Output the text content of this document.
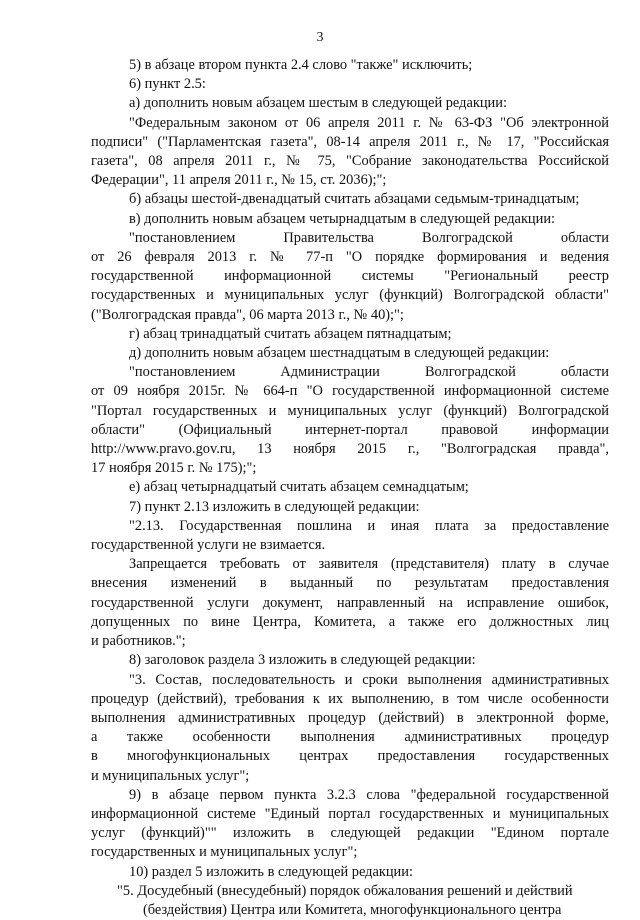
3
5) в абзаце втором пункта 2.4 слово "также" исключить;
6) пункт 2.5:
а) дополнить новым абзацем шестым в следующей редакции:
"Федеральным законом от 06 апреля 2011 г. № 63-ФЗ "Об электронной
подписи" ("Парламентская газета", 08-14 апреля 2011 г., № 17, "Российская
газета", 08 апреля 2011 г., № 75, "Собрание законодательства Российской
Федерации", 11 апреля 2011 г., № 15, ст. 2036);";
б) абзацы шестой-двенадцатый считать абзацами седьмым-тринадцатым;
в) дополнить новым абзацем четырнадцатым в следующей редакции:
"постановлением Правительства Волгоградской области
от 26 февраля 2013 г. № 77-п "О порядке формирования и ведения
государственной информационной системы "Региональный реестр
государственных и муниципальных услуг (функций) Волгоградской области"
("Волгоградская правда", 06 марта 2013 г., № 40);";
г) абзац тринадцатый считать абзацем пятнадцатым;
д) дополнить новым абзацем шестнадцатым в следующей редакции:
"постановлением Администрации Волгоградской области
от 09 ноября 2015г. № 664-п "О государственной информационной системе
"Портал государственных и муниципальных услуг (функций) Волгоградской
области" (Официальный интернет-портал правовой информации
http://www.pravo.gov.ru, 13 ноября 2015 г., "Волгоградская правда",
17 ноября 2015 г. № 175);";
е) абзац четырнадцатый считать абзацем семнадцатым;
7) пункт 2.13 изложить в следующей редакции:
"2.13. Государственная пошлина и иная плата за предоставление
государственной услуги не взимается.
Запрещается требовать от заявителя (представителя) плату в случае
внесения изменений в выданный по результатам предоставления
государственной услуги документ, направленный на исправление ошибок,
допущенных по вине Центра, Комитета, а также его должностных лиц
и работников.";
8) заголовок раздела 3 изложить в следующей редакции:
"3. Состав, последовательность и сроки выполнения административных
процедур (действий), требования к их выполнению, в том числе особенности
выполнения административных процедур (действий) в электронной форме,
а также особенности выполнения административных процедур
в многофункциональных центрах предоставления государственных
и муниципальных услуг";
9) в абзаце первом пункта 3.2.3 слова "федеральной государственной
информационной системе "Единый портал государственных и муниципальных
услуг (функций)"" изложить в следующей редакции "Едином портале
государственных и муниципальных услуг";
10) раздел 5 изложить в следующей редакции:
"5. Досудебный (внесудебный) порядок обжалования решений и действий
(бездействия) Центра или Комитета, многофункционального центра
